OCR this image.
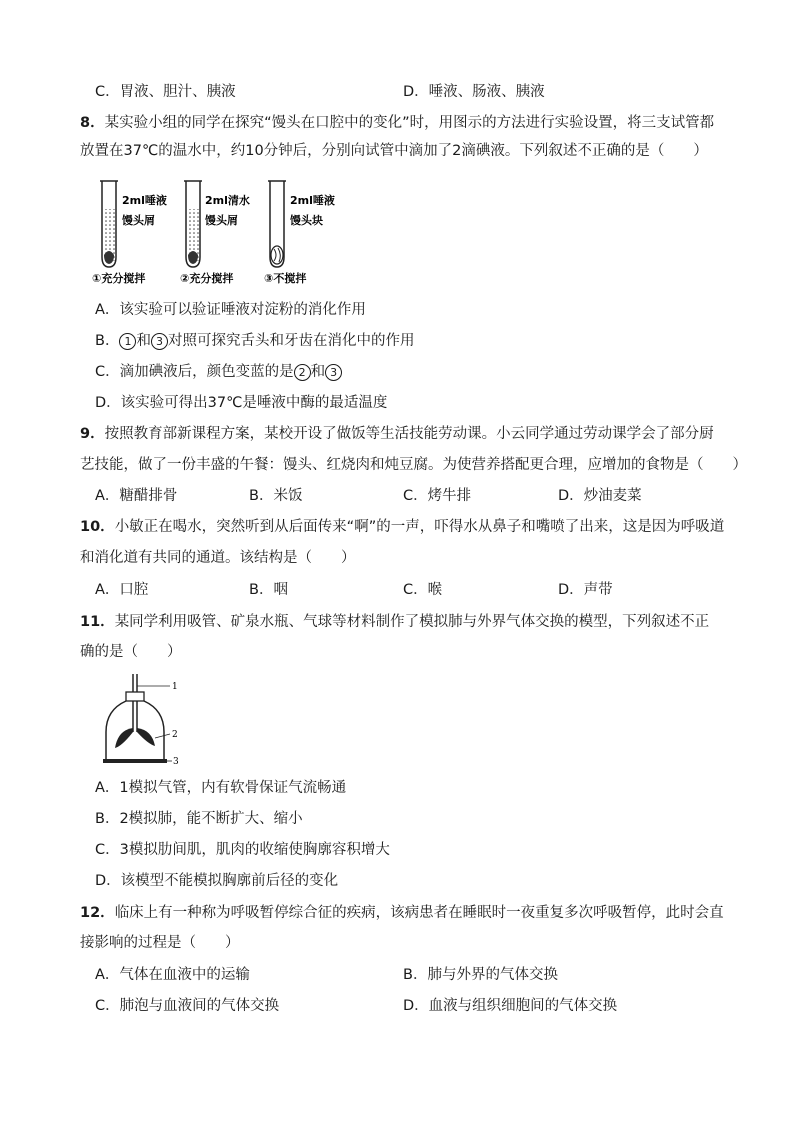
C．胃液、胆汁、胰液	D．唾液、肠液、胰液
8．某实验小组的同学在探究“馒头在口腔中的变化”时，用图示的方法进行实验设置，将三支试管都
放置在37℃的温水中，约10分钟后，分别向试管中滴加了2滴碘液。下列叙述不正确的是（　　）
2ml唾液
馒头屑
2ml清水
馒头屑
2ml唾液
馒头块
①充分搅拌	②充分搅拌	③不搅拌
A．该实验可以验证唾液对淀粉的消化作用
B． 1 和 3 对照可探究舌头和牙齿在消化中的作用
C．滴加碘液后，颜色变蓝的是 2 和 3
D．该实验可得出37℃是唾液中酶的最适温度
9．按照教育部新课程方案，某校开设了做饭等生活技能劳动课。小云同学通过劳动课学会了部分厨
艺技能，做了一份丰盛的午餐：馒头、红烧肉和炖豆腐。为使营养搭配更合理，应增加的食物是（　　）
A．糖醋排骨	B．米饭	C．烤牛排	D．炒油麦菜
10．小敏正在喝水，突然听到从后面传来“啊”的一声，吓得水从鼻子和嘴喷了出来，这是因为呼吸道
和消化道有共同的通道。该结构是（　　）
A．口腔	B．咽	C．喉	D．声带
11．某同学利用吸管、矿泉水瓶、气球等材料制作了模拟肺与外界气体交换的模型，下列叙述不正
确的是（　　）
1
2
3
A．1模拟气管，内有软骨保证气流畅通
B．2模拟肺，能不断扩大、缩小
C．3模拟肋间肌，肌肉的收缩使胸廓容积增大
D．该模型不能模拟胸廓前后径的变化
12．临床上有一种称为呼吸暂停综合征的疾病，该病患者在睡眠时一夜重复多次呼吸暂停，此时会直
接影响的过程是（　　）
A．气体在血液中的运输	B．肺与外界的气体交换
C．肺泡与血液间的气体交换	D．血液与组织细胞间的气体交换
